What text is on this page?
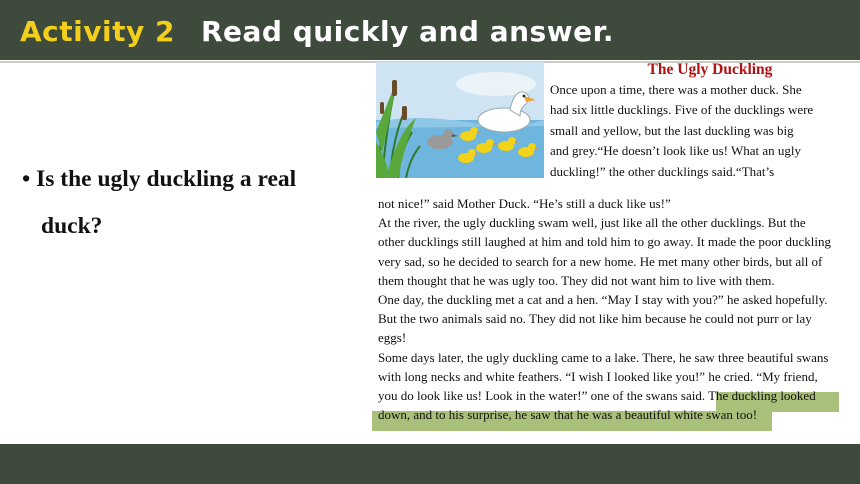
Activity 2 Read quickly and answer.
• Is the ugly duckling a real
duck?
The Ugly Duckling
Once upon a time, there was a mother duck. She
had six little ducklings. Five of the ducklings were
small and yellow, but the last duckling was big
and grey.“He doesn’t look like us! What an ugly
duckling!” the other ducklings said.“That’s
not nice!” said Mother Duck. “He’s still a duck like us!”
At the river, the ugly duckling swam well, just like all the other ducklings. But the
other ducklings still laughed at him and told him to go away. It made the poor duckling
very sad, so he decided to search for a new home. He met many other birds, but all of
them thought that he was ugly too. They did not want him to live with them.
One day, the duckling met a cat and a hen. “May I stay with you?” he asked hopefully.
But the two animals said no. They did not like him because he could not purr or lay
eggs!
Some days later, the ugly duckling came to a lake. There, he saw three beautiful swans
with long necks and white feathers. “I wish I looked like you!” he cried. “My friend,
you do look like us! Look in the water!” one of the swans said. The duckling looked
down, and to his surprise, he saw that he was a beautiful white swan too!
